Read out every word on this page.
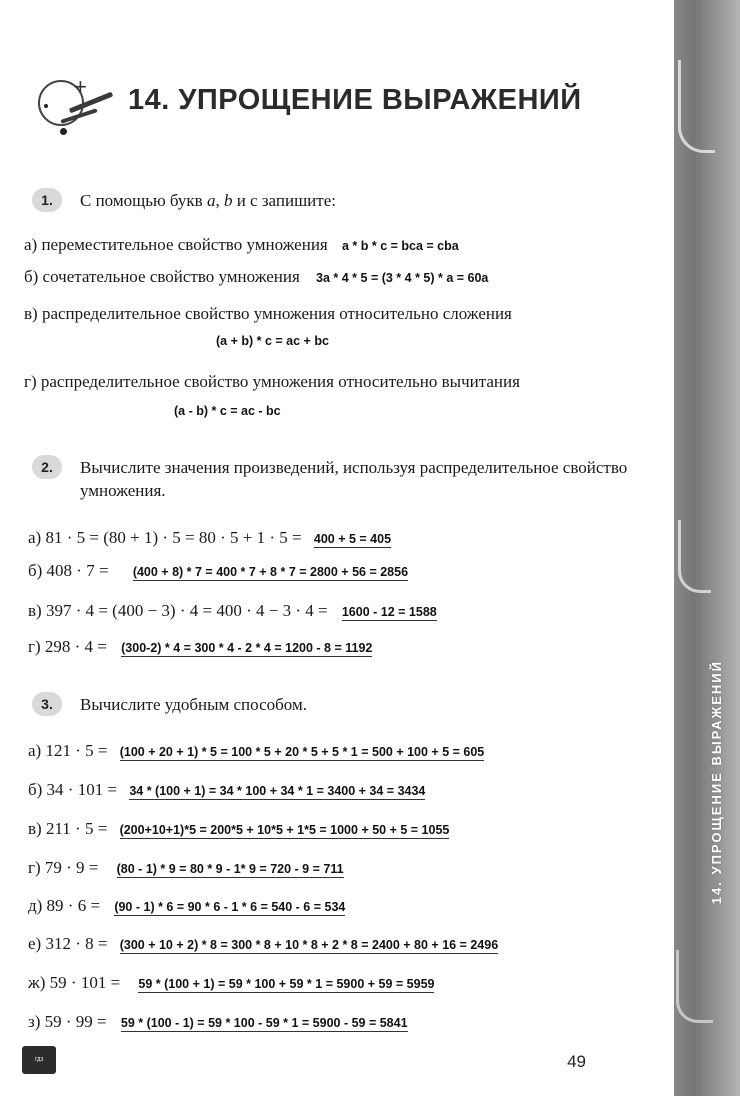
+ 14. УПРОЩЕНИЕ ВЫРАЖЕНИЙ
1.	С помощью букв a, b и с запишите:
а) переместительное свойство умножения a * b * c = bca = cba
б) сочетательное свойство умножения 3a * 4 * 5 = (3 * 4 * 5) * a = 60a
в) распределительное свойство умножения относительно сложения
(a + b) * c = ac + bc
г) распределительное свойство умножения относительно вычитания
(a - b) * c = ac - bc
2.	Вычислите значения произведений, используя распределительное свойство умножения.
а) 81 · 5 = (80 + 1) · 5 = 80 · 5 + 1 · 5 = 400 + 5 = 405
б) 408 · 7 = (400 + 8) * 7 = 400 * 7 + 8 * 7 = 2800 + 56 = 2856
в) 397 · 4 = (400 − 3) · 4 = 400 · 4 − 3 · 4 = 1600 - 12 = 1588
г) 298 · 4 = (300-2) * 4 = 300 * 4 - 2 * 4 = 1200 - 8 = 1192
3.	Вычислите удобным способом.
а) 121 · 5 = (100 + 20 + 1) * 5 = 100 * 5 + 20 * 5 + 5 * 1 = 500 + 100 + 5 = 605
б) 34 · 101 = 34 * (100 + 1) = 34 * 100 + 34 * 1 = 3400 + 34 = 3434
в) 211 · 5 = (200+10+1)*5 = 200*5 + 10*5 + 1*5 = 1000 + 50 + 5 = 1055
г) 79 · 9 = (80 - 1) * 9 = 80 * 9 - 1* 9 = 720 - 9 = 711
д) 89 · 6 = (90 - 1) * 6 = 90 * 6 - 1 * 6 = 540 - 6 = 534
е) 312 · 8 = (300 + 10 + 2) * 8 = 300 * 8 + 10 * 8 + 2 * 8 = 2400 + 80 + 16 = 2496
ж) 59 · 101 = 59 * (100 + 1) = 59 * 100 + 59 * 1 = 5900 + 59 = 5959
з) 59 · 99 = 59 * (100 - 1) = 59 * 100 - 59 * 1 = 5900 - 59 = 5841
ГДЗ	49
14. УПРОЩЕНИЕ ВЫРАЖЕНИЙ
